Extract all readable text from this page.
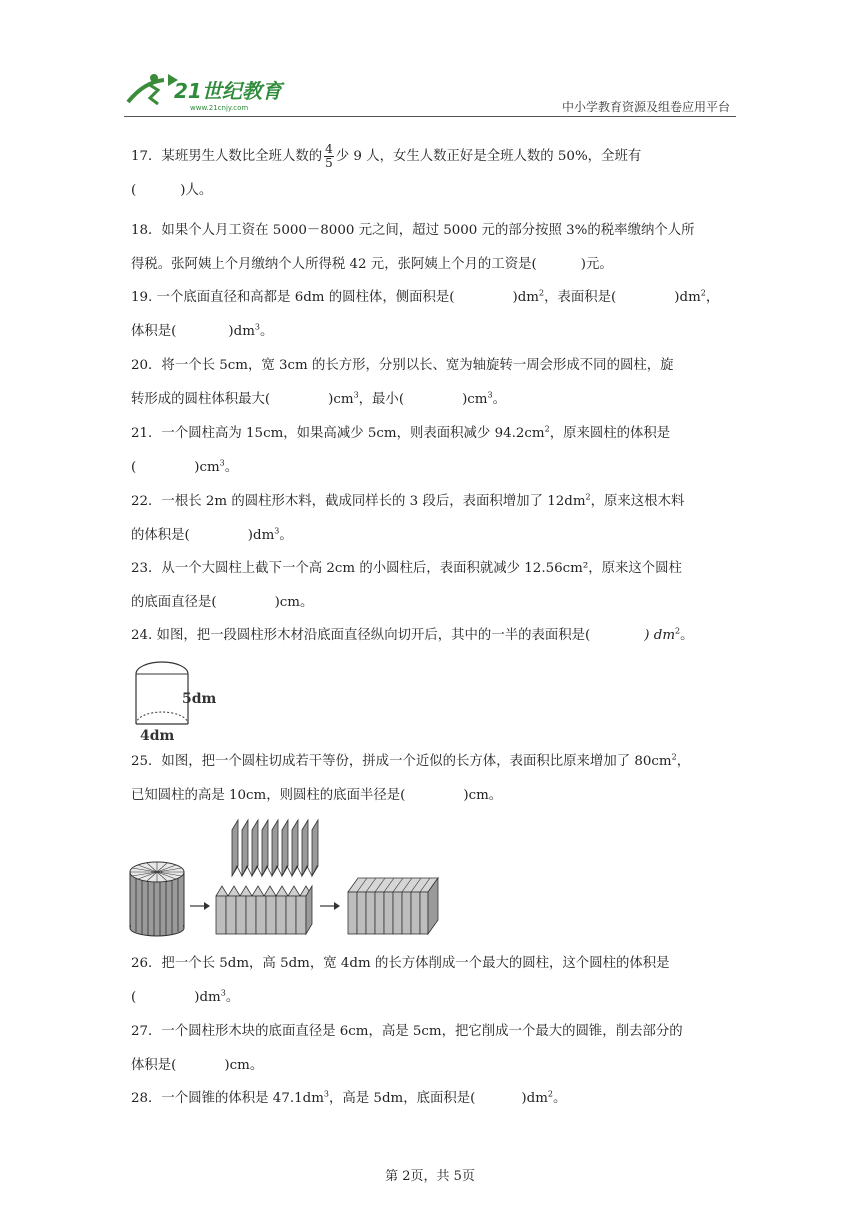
21世纪教育
www.21cnjy.com	中小学教育资源及组卷应用平台
17．某班男生人数比全班人数的 $\frac{4}{5}$ 少 9 人，女生人数正好是全班人数的 50%，全班有
(	)人。
18．如果个人月工资在 5000－8000 元之间，超过 5000 元的部分按照 3%的税率缴纳个人所
得税。张阿姨上个月缴纳个人所得税 42 元，张阿姨上个月的工资是(	)元。
19. 一个底面直径和高都是 6dm 的圆柱体，侧面积是(	)$dm^2$，表面积是(	)$dm^2$，
体积是(	)$dm^3$。
20．将一个长 5cm，宽 3cm 的长方形，分别以长、宽为轴旋转一周会形成不同的圆柱，旋
转形成的圆柱体积最大(	)$cm^3$，最小(	)$cm^3$。
21．一个圆柱高为 15cm，如果高减少 5cm，则表面积减少 $94.2cm^2$，原来圆柱的体积是
(	)$cm^3$。
22．一根长 2m 的圆柱形木料，截成同样长的 3 段后，表面积增加了 $12dm^2$，原来这根木料
的体积是(	)$dm^3$。
23．从一个大圆柱上截下一个高 2cm 的小圆柱后，表面积就减少 12.56cm²，原来这个圆柱
的底面直径是(	)cm。
24. 如图，把一段圆柱形木材沿底面直径纵向切开后，其中的一半的表面积是(	) $dm^2$。
5dm
4dm
25．如图，把一个圆柱切成若干等份，拼成一个近似的长方体，表面积比原来增加了 $80cm^2$，
已知圆柱的高是 10cm，则圆柱的底面半径是(	)cm。
26．把一个长 5dm，高 5dm，宽 4dm 的长方体削成一个最大的圆柱，这个圆柱的体积是
(	)$dm^3$。
27．一个圆柱形木块的底面直径是 6cm，高是 5cm，把它削成一个最大的圆锥，削去部分的
体积是(	)cm。
28．一个圆锥的体积是 $47.1dm^3$，高是 5dm，底面积是(	)$dm^2$。
第 2页，共 5页
